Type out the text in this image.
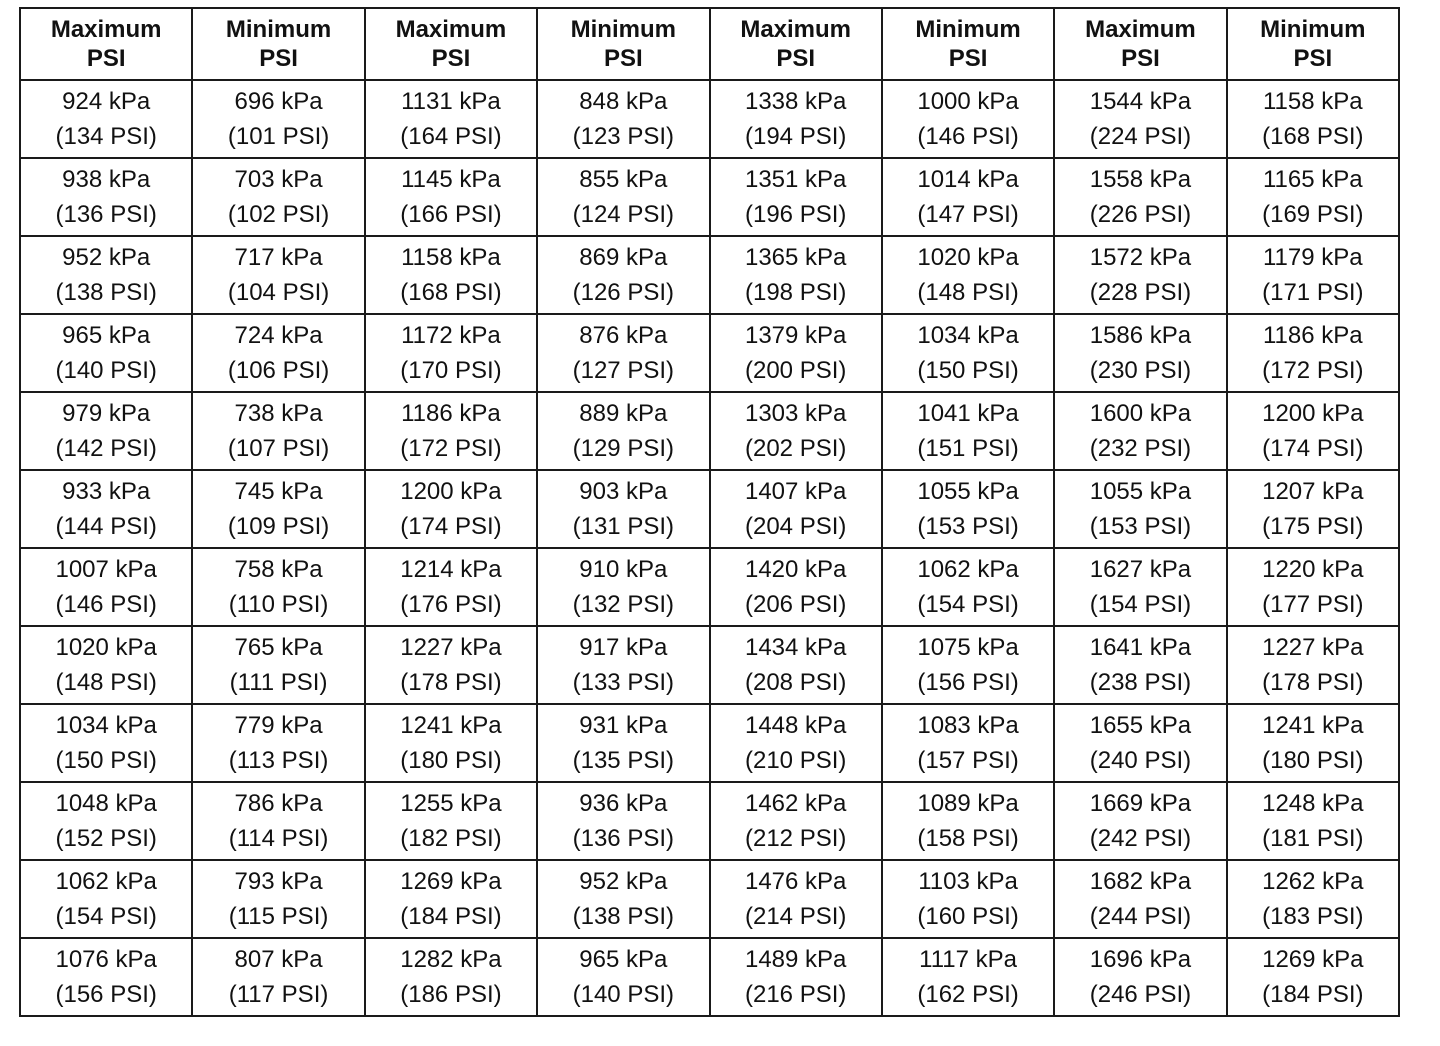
Maximum
PSI	Minimum
PSI	Maximum
PSI	Minimum
PSI	Maximum
PSI	Minimum
PSI	Maximum
PSI	Minimum
PSI

924 kPa
(134 PSI)	696 kPa
(101 PSI)	1131 kPa
(164 PSI)	848 kPa
(123 PSI)	1338 kPa
(194 PSI)	1000 kPa
(146 PSI)	1544 kPa
(224 PSI)	1158 kPa
(168 PSI)

938 kPa
(136 PSI)	703 kPa
(102 PSI)	1145 kPa
(166 PSI)	855 kPa
(124 PSI)	1351 kPa
(196 PSI)	1014 kPa
(147 PSI)	1558 kPa
(226 PSI)	1165 kPa
(169 PSI)

952 kPa
(138 PSI)	717 kPa
(104 PSI)	1158 kPa
(168 PSI)	869 kPa
(126 PSI)	1365 kPa
(198 PSI)	1020 kPa
(148 PSI)	1572 kPa
(228 PSI)	1179 kPa
(171 PSI)

965 kPa
(140 PSI)	724 kPa
(106 PSI)	1172 kPa
(170 PSI)	876 kPa
(127 PSI)	1379 kPa
(200 PSI)	1034 kPa
(150 PSI)	1586 kPa
(230 PSI)	1186 kPa
(172 PSI)

979 kPa
(142 PSI)	738 kPa
(107 PSI)	1186 kPa
(172 PSI)	889 kPa
(129 PSI)	1303 kPa
(202 PSI)	1041 kPa
(151 PSI)	1600 kPa
(232 PSI)	1200 kPa
(174 PSI)

933 kPa
(144 PSI)	745 kPa
(109 PSI)	1200 kPa
(174 PSI)	903 kPa
(131 PSI)	1407 kPa
(204 PSI)	1055 kPa
(153 PSI)	1055 kPa
(153 PSI)	1207 kPa
(175 PSI)

1007 kPa
(146 PSI)	758 kPa
(110 PSI)	1214 kPa
(176 PSI)	910 kPa
(132 PSI)	1420 kPa
(206 PSI)	1062 kPa
(154 PSI)	1627 kPa
(154 PSI)	1220 kPa
(177 PSI)

1020 kPa
(148 PSI)	765 kPa
(111 PSI)	1227 kPa
(178 PSI)	917 kPa
(133 PSI)	1434 kPa
(208 PSI)	1075 kPa
(156 PSI)	1641 kPa
(238 PSI)	1227 kPa
(178 PSI)

1034 kPa
(150 PSI)	779 kPa
(113 PSI)	1241 kPa
(180 PSI)	931 kPa
(135 PSI)	1448 kPa
(210 PSI)	1083 kPa
(157 PSI)	1655 kPa
(240 PSI)	1241 kPa
(180 PSI)

1048 kPa
(152 PSI)	786 kPa
(114 PSI)	1255 kPa
(182 PSI)	936 kPa
(136 PSI)	1462 kPa
(212 PSI)	1089 kPa
(158 PSI)	1669 kPa
(242 PSI)	1248 kPa
(181 PSI)

1062 kPa
(154 PSI)	793 kPa
(115 PSI)	1269 kPa
(184 PSI)	952 kPa
(138 PSI)	1476 kPa
(214 PSI)	1103 kPa
(160 PSI)	1682 kPa
(244 PSI)	1262 kPa
(183 PSI)

1076 kPa
(156 PSI)	807 kPa
(117 PSI)	1282 kPa
(186 PSI)	965 kPa
(140 PSI)	1489 kPa
(216 PSI)	1117 kPa
(162 PSI)	1696 kPa
(246 PSI)	1269 kPa
(184 PSI)
